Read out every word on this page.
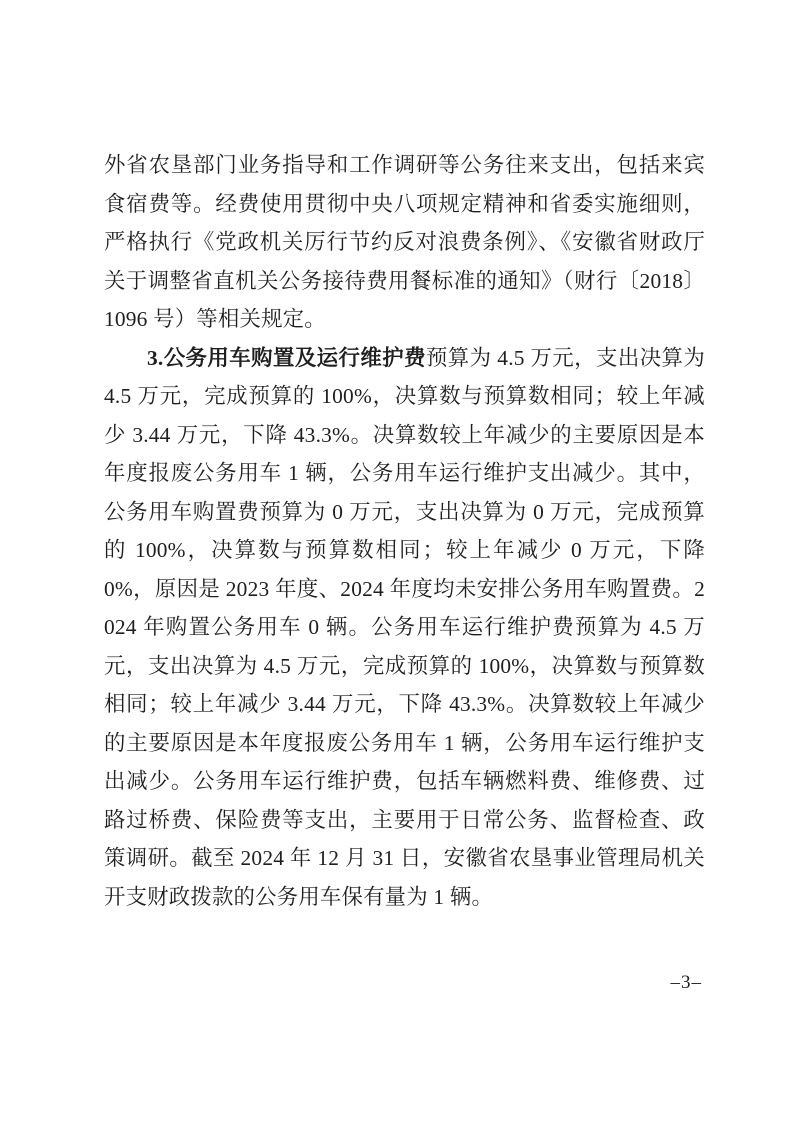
外省农垦部门业务指导和工作调研等公务往来支出，包括来宾食宿费等。经费使用贯彻中央八项规定精神和省委实施细则，严格执行《党政机关厉行节约反对浪费条例》、《安徽省财政厅关于调整省直机关公务接待费用餐标准的通知》（财行〔2018〕1096 号）等相关规定。

3.公务用车购置及运行维护费预算为 4.5 万元，支出决算为 4.5 万元，完成预算的 100%，决算数与预算数相同；较上年减少 3.44 万元，下降 43.3%。决算数较上年减少的主要原因是本年度报废公务用车 1 辆，公务用车运行维护支出减少。其中，公务用车购置费预算为 0 万元，支出决算为 0 万元，完成预算的 100%，决算数与预算数相同；较上年减少 0 万元，下降 0%，原因是 2023 年度、2024 年度均未安排公务用车购置费。2024 年购置公务用车 0 辆。公务用车运行维护费预算为 4.5 万元，支出决算为 4.5 万元，完成预算的 100%，决算数与预算数相同；较上年减少 3.44 万元，下降 43.3%。决算数较上年减少的主要原因是本年度报废公务用车 1 辆，公务用车运行维护支出减少。公务用车运行维护费，包括车辆燃料费、维修费、过路过桥费、保险费等支出，主要用于日常公务、监督检查、政策调研。截至 2024 年 12 月 31 日，安徽省农垦事业管理局机关开支财政拨款的公务用车保有量为 1 辆。

–3–
